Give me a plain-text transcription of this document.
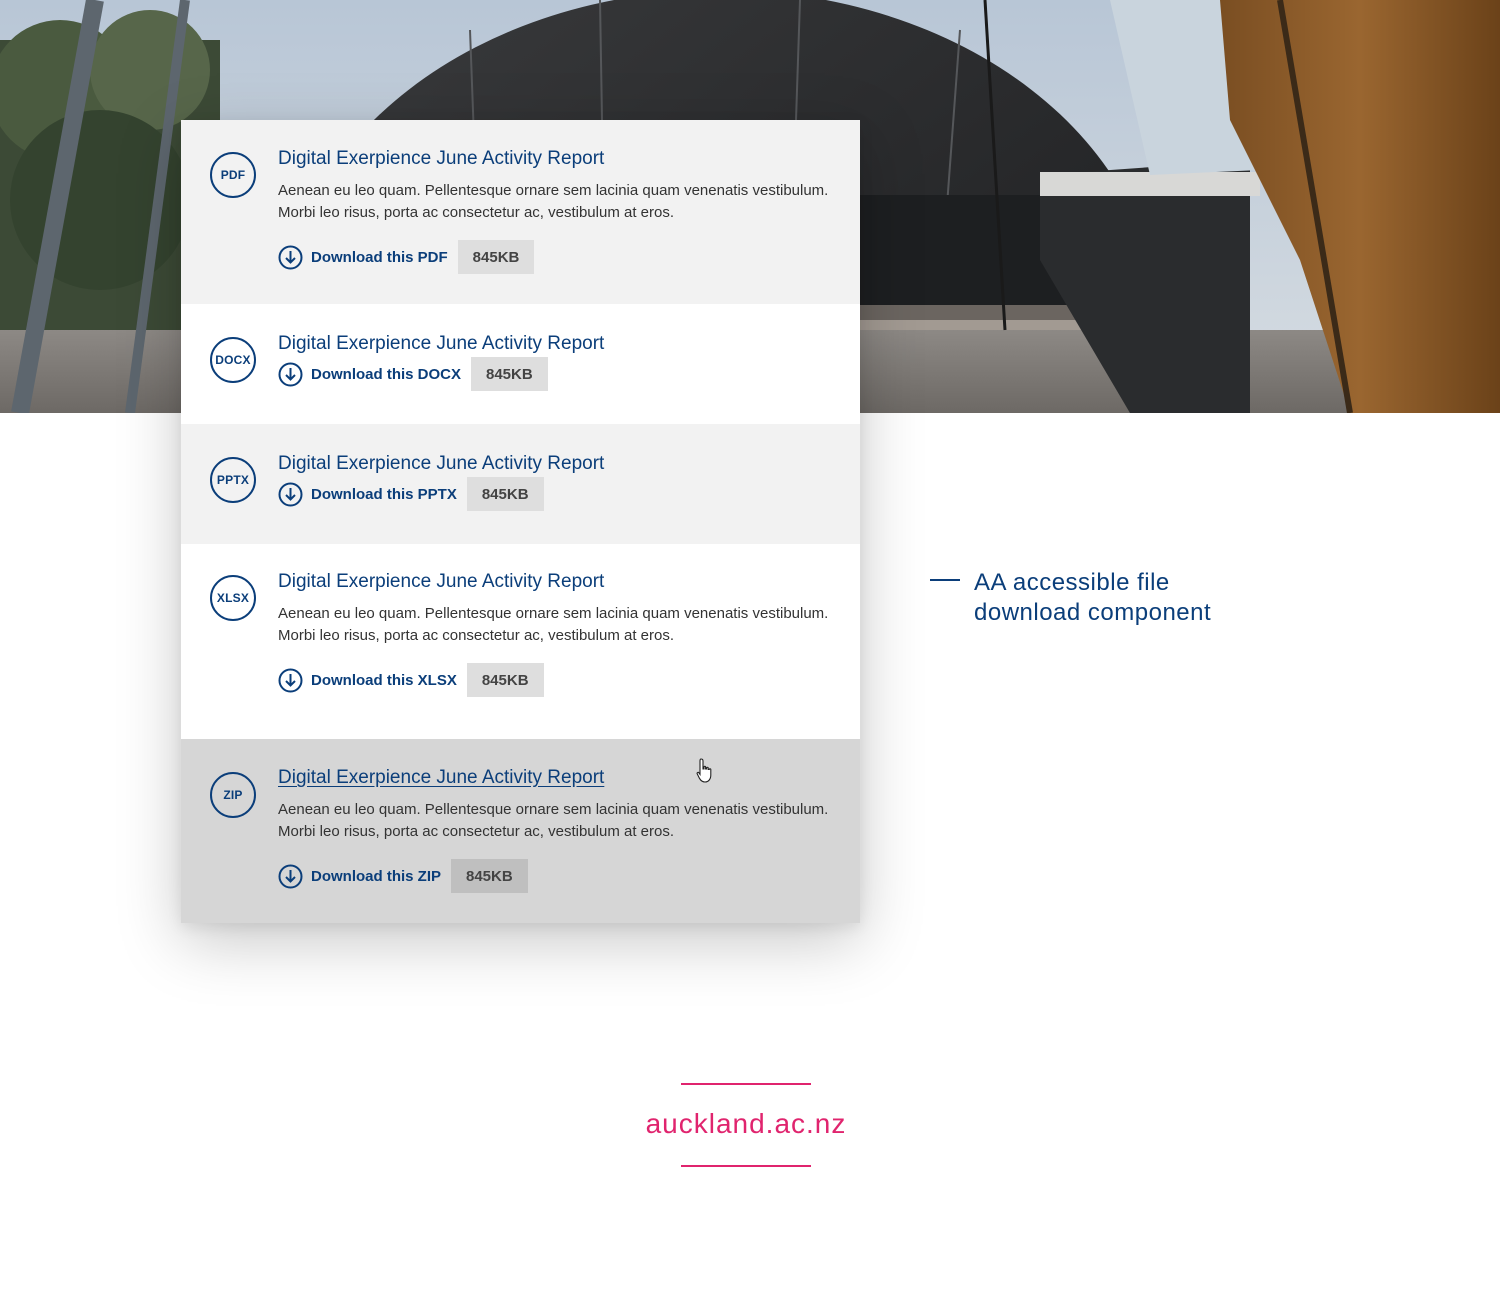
PDF
Digital Exerpience June Activity Report

Aenean eu leo quam. Pellentesque ornare sem lacinia quam venenatis vestibulum. Morbi leo risus, porta ac consectetur ac, vestibulum at eros.

Download this PDF	845KB
DOCX
Digital Exerpience June Activity Report
Download this DOCX	845KB
PPTX
Digital Exerpience June Activity Report
Download this PPTX	845KB
XLSX
Digital Exerpience June Activity Report

Aenean eu leo quam. Pellentesque ornare sem lacinia quam venenatis vestibulum. Morbi leo risus, porta ac consectetur ac, vestibulum at eros.

Download this XLSX	845KB
ZIP
Digital Exerpience June Activity Report

Aenean eu leo quam. Pellentesque ornare sem lacinia quam venenatis vestibulum. Morbi leo risus, porta ac consectetur ac, vestibulum at eros.

Download this ZIP	845KB
AA accessible file
download component
auckland.ac.nz
